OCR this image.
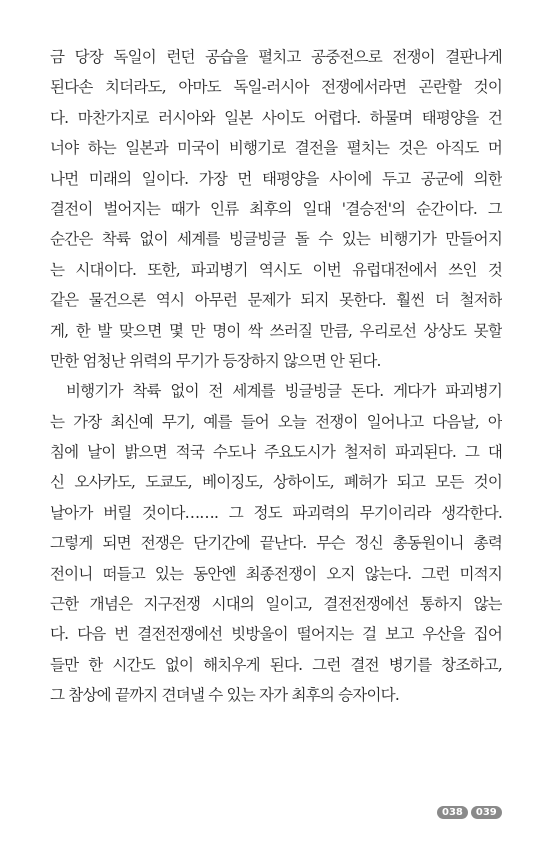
금 당장 독일이 런던 공습을 펼치고 공중전으로 전쟁이 결판나게
된다손 치더라도, 아마도 독일-러시아 전쟁에서라면 곤란할 것이
다. 마찬가지로 러시아와 일본 사이도 어렵다. 하물며 태평양을 건
너야 하는 일본과 미국이 비행기로 결전을 펼치는 것은 아직도 머
나먼 미래의 일이다. 가장 먼 태평양을 사이에 두고 공군에 의한
결전이 벌어지는 때가 인류 최후의 일대 '결승전'의 순간이다. 그
순간은 착륙 없이 세계를 빙글빙글 돌 수 있는 비행기가 만들어지
는 시대이다. 또한, 파괴병기 역시도 이번 유럽대전에서 쓰인 것
같은 물건으론 역시 아무런 문제가 되지 못한다. 훨씬 더 철저하
게, 한 발 맞으면 몇 만 명이 싹 쓰러질 만큼, 우리로선 상상도 못할
만한 엄청난 위력의 무기가 등장하지 않으면 안 된다.
비행기가 착륙 없이 전 세계를 빙글빙글 돈다. 게다가 파괴병기
는 가장 최신예 무기, 예를 들어 오늘 전쟁이 일어나고 다음날, 아
침에 날이 밝으면 적국 수도나 주요도시가 철저히 파괴된다. 그 대
신 오사카도, 도쿄도, 베이징도, 상하이도, 폐허가 되고 모든 것이
날아가 버릴 것이다……. 그 정도 파괴력의 무기이리라 생각한다.
그렇게 되면 전쟁은 단기간에 끝난다. 무슨 정신 총동원이니 총력
전이니 떠들고 있는 동안엔 최종전쟁이 오지 않는다. 그런 미적지
근한 개념은 지구전쟁 시대의 일이고, 결전전쟁에선 통하지 않는
다. 다음 번 결전전쟁에선 빗방울이 떨어지는 걸 보고 우산을 집어
들만 한 시간도 없이 해치우게 된다. 그런 결전 병기를 창조하고,
그 참상에 끝까지 견뎌낼 수 있는 자가 최후의 승자이다.
038	039
